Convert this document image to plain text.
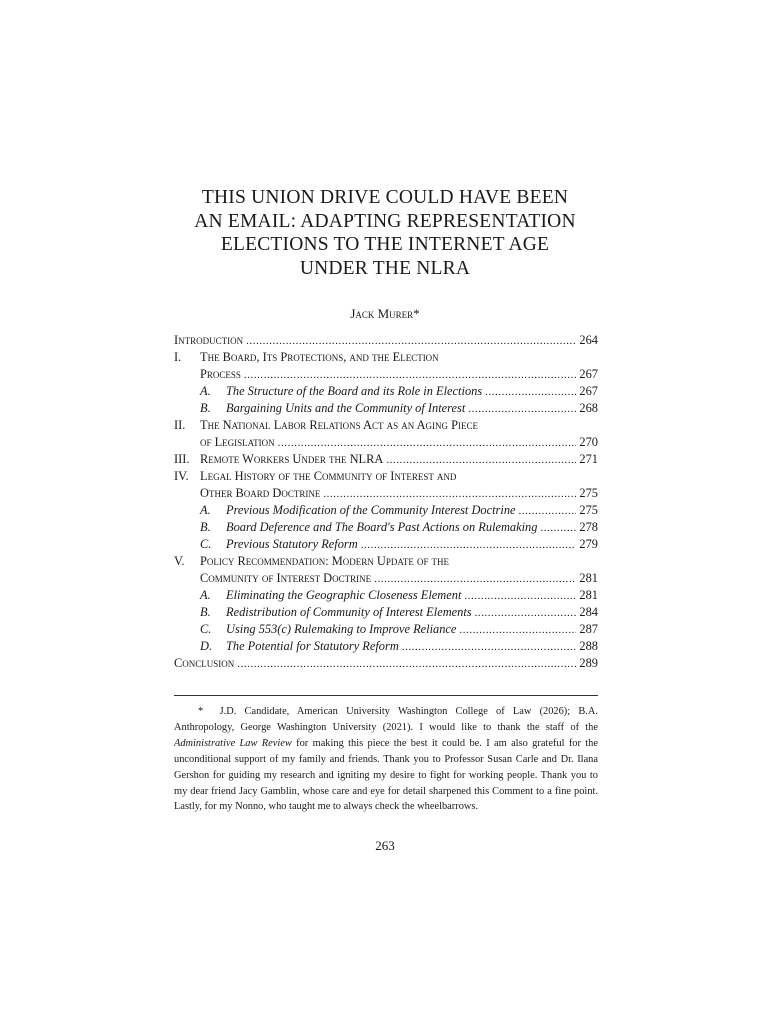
THIS UNION DRIVE COULD HAVE BEEN
AN EMAIL: ADAPTING REPRESENTATION
ELECTIONS TO THE INTERNET AGE
UNDER THE NLRA
Jack Murer*
Introduction . . .	264
I.	The Board, Its Protections, and the Election
Process . . .	267
A.	The Structure of the Board and its Role in Elections . . .	267
B.	Bargaining Units and the Community of Interest . . .	268
II.	The National Labor Relations Act as an Aging Piece
of Legislation . . .	270
III. Remote Workers Under the NLRA . . .	271
IV. Legal History of the Community of Interest and
Other Board Doctrine . . .	275
A.	Previous Modification of the Community Interest Doctrine . . .	275
B.	Board Deference and The Board's Past Actions on Rulemaking . . .	278
C.	Previous Statutory Reform . . .	279
V.	Policy Recommendation: Modern Update of the
Community of Interest Doctrine . . .	281
A.	Eliminating the Geographic Closeness Element . . .	281
B.	Redistribution of Community of Interest Elements . . .	284
C.	Using 553(c) Rulemaking to Improve Reliance . . .	287
D.	The Potential for Statutory Reform . . .	288
Conclusion . . .	289
* J.D. Candidate, American University Washington College of Law (2026); B.A. Anthropology, George Washington University (2021). I would like to thank the staff of the Administrative Law Review for making this piece the best it could be. I am also grateful for the unconditional support of my family and friends. Thank you to Professor Susan Carle and Dr. Ilana Gershon for guiding my research and igniting my desire to fight for working people. Thank you to my dear friend Jacy Gamblin, whose care and eye for detail sharpened this Comment to a fine point. Lastly, for my Nonno, who taught me to always check the wheelbarrows.
263
